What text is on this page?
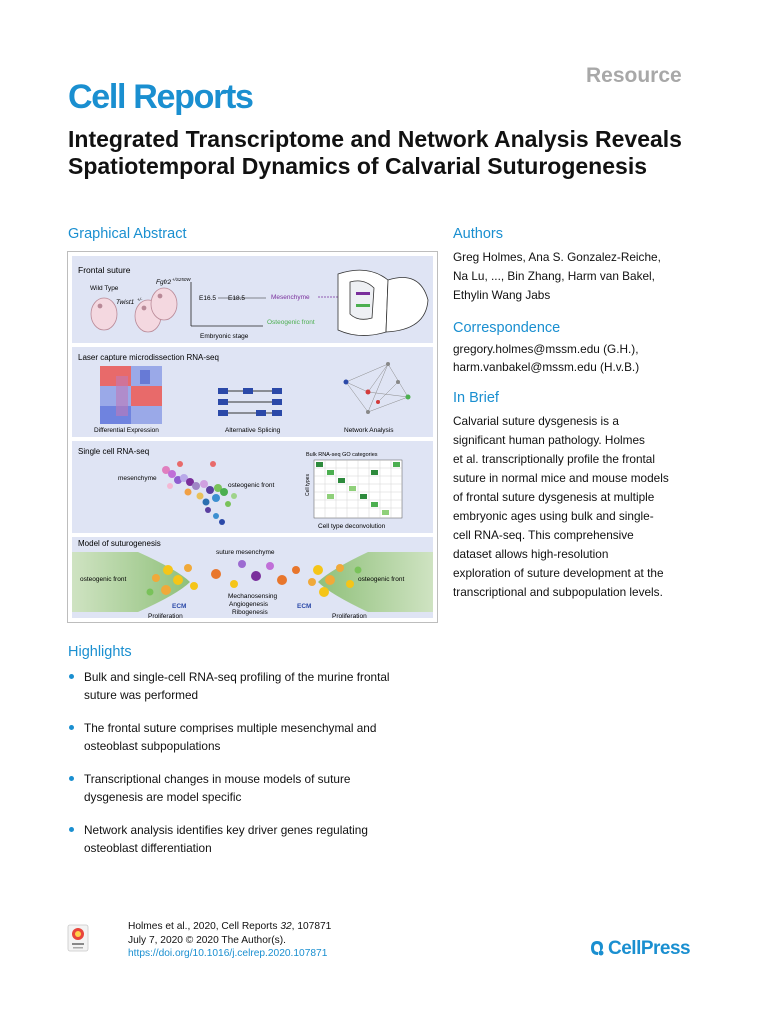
Resource
Cell Reports
Integrated Transcriptome and Network Analysis Reveals Spatiotemporal Dynamics of Calvarial Suturogenesis
Graphical Abstract
Frontal suture
Wild Type
Fgfr2 +/S250W
Twist1 +/-	E16.5 E18.5
Embryonic stage
Mesenchyme
Osteogenic front
Laser capture microdissection RNA-seq
Differential Expression	Alternative Splicing	Network Analysis
Single cell RNA-seq
mesenchyme
osteogenic front
Bulk RNA-seq GO categories
Cell types
Cell type deconvolution
Model of suturogenesis
suture mesenchyme
osteogenic front	osteogenic front
ECM	ECM
Proliferation	Proliferation
Mechanosensing
Angiogenesis
Ribogenesis
Authors
Greg Holmes, Ana S. Gonzalez-Reiche,
Na Lu, ..., Bin Zhang, Harm van Bakel,
Ethylin Wang Jabs
Correspondence
gregory.holmes@mssm.edu (G.H.),
harm.vanbakel@mssm.edu (H.v.B.)
In Brief
Calvarial suture dysgenesis is a
significant human pathology. Holmes
et al. transcriptionally profile the frontal
suture in normal mice and mouse models
of frontal suture dysgenesis at multiple
embryonic ages using bulk and single-
cell RNA-seq. This comprehensive
dataset allows high-resolution
exploration of suture development at the
transcriptional and subpopulation levels.
Highlights
Bulk and single-cell RNA-seq profiling of the murine frontal
suture was performed
The frontal suture comprises multiple mesenchymal and
osteoblast subpopulations
Transcriptional changes in mouse models of suture
dysgenesis are model specific
Network analysis identifies key driver genes regulating
osteoblast differentiation
Holmes et al., 2020, Cell Reports 32, 107871
July 7, 2020 © 2020 The Author(s).
https://doi.org/10.1016/j.celrep.2020.107871	CellPress
